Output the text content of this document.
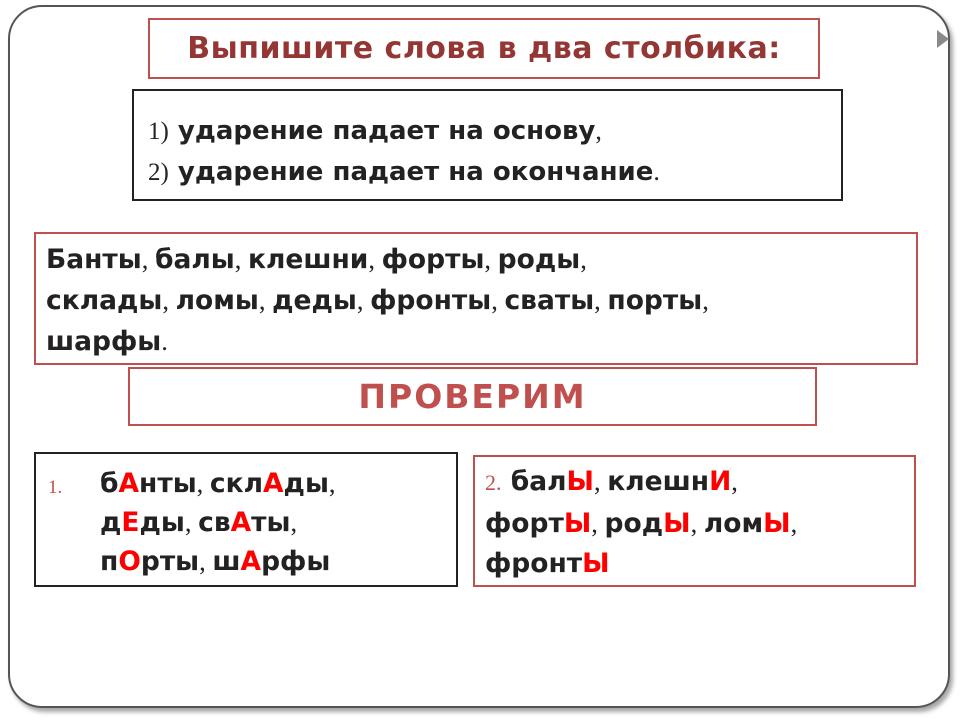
Выпишите слова в два столбика:
1) ударение падает на основу,
2) ударение падает на окончание.
Банты, балы, клешни, форты, роды,
склады, ломы, деды, фронты, сваты, порты,
шарфы.
ПРОВЕРИМ
1. бАнты, склАды,
дЕды, свАты,
пОрты, шАрфы
2. балЫ, клешнИ,
фортЫ, родЫ, ломЫ,
фронтЫ
